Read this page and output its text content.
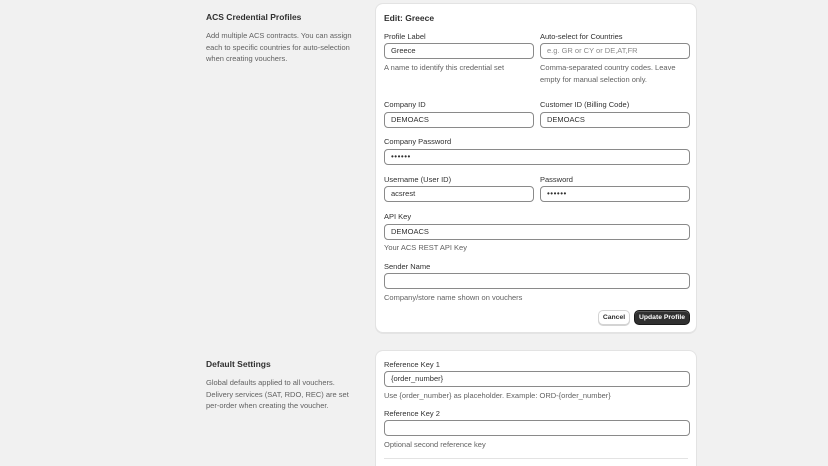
ACS Credential Profiles
Add multiple ACS contracts. You can assign each to specific countries for auto-selection when creating vouchers.
Edit: Greece
Profile Label
Greece
A name to identify this credential set
Auto-select for Countries
e.g. GR or CY or DE,AT,FR
Comma-separated country codes. Leave empty for manual selection only.
Company ID
DEMOACS
Customer ID (Billing Code)
DEMOACS
Company Password
••••••
Username (User ID)
acsrest
Password
••••••
API Key
DEMOACS
Your ACS REST API Key
Sender Name
Company/store name shown on vouchers
Cancel	Update Profile
Default Settings
Global defaults applied to all vouchers. Delivery services (SAT, RDO, REC) are set per-order when creating the voucher.
Reference Key 1
{order_number}
Use {order_number} as placeholder. Example: ORD-{order_number}
Reference Key 2
Optional second reference key
